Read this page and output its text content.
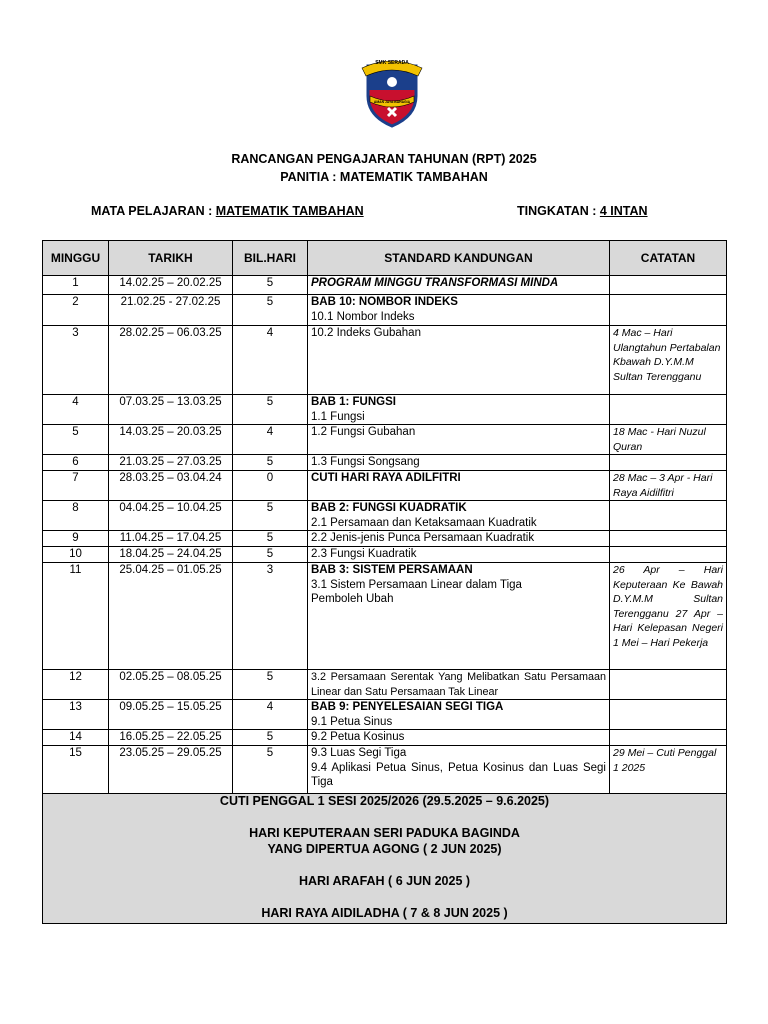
SMK SERADA
AMAN JAYA BAHAGIA
RANCANGAN PENGAJARAN TAHUNAN (RPT) 2025
PANITIA : MATEMATIK TAMBAHAN
MATA PELAJARAN : MATEMATIK TAMBAHAN	TINGKATAN : 4 INTAN
MINGGU	TARIKH	BIL.HARI	STANDARD KANDUNGAN	CATATAN
1	14.02.25 – 20.02.25	5	PROGRAM MINGGU TRANSFORMASI MINDA	

2	21.02.25 - 27.02.25	5	BAB 10: NOMBOR INDEKS
10.1 Nombor Indeks	

3	28.02.25 – 06.03.25	4	10.2 Indeks Gubahan	4 Mac – Hari Ulangtahun Pertabalan Kbawah D.Y.M.M Sultan Terengganu
4	07.03.25 – 13.03.25	5	BAB 1: FUNGSI
1.1 Fungsi	

5	14.03.25 – 20.03.25	4	1.2 Fungsi Gubahan	18 Mac - Hari Nuzul Quran
6	21.03.25 – 27.03.25	5	1.3 Fungsi Songsang	

7	28.03.25 – 03.04.24	0	CUTI HARI RAYA ADILFITRI	28 Mac – 3 Apr - Hari Raya Aidilfitri
8	04.04.25 – 10.04.25	5	BAB 2: FUNGSI KUADRATIK
2.1 Persamaan dan Ketaksamaan Kuadratik	

9	11.04.25 – 17.04.25	5	2.2 Jenis-jenis Punca Persamaan Kuadratik	

10	18.04.25 – 24.04.25	5	2.3 Fungsi Kuadratik	

11	25.04.25 – 01.05.25	3	BAB 3: SISTEM PERSAMAAN
3.1 Sistem Persamaan Linear dalam Tiga Pemboleh Ubah	26 Apr – Hari Keputeraan Ke Bawah D.Y.M.M Sultan Terengganu 27 Apr – Hari Kelepasan Negeri 1 Mei – Hari Pekerja
12	02.05.25 – 08.05.25	5	3.2 Persamaan Serentak Yang Melibatkan Satu Persamaan Linear dan Satu Persamaan Tak Linear	

13	09.05.25 – 15.05.25	4	BAB 9: PENYELESAIAN SEGI TIGA
9.1 Petua Sinus	

14	16.05.25 – 22.05.25	5	9.2 Petua Kosinus	

15	23.05.25 – 29.05.25	5	9.3 Luas Segi Tiga
9.4 Aplikasi Petua Sinus, Petua Kosinus dan Luas Segi Tiga	29 Mei – Cuti Penggal 1 2025

CUTI PENGGAL 1 SESI 2025/2026 (29.5.2025 – 9.6.2025)
HARI KEPUTERAAN SERI PADUKA BAGINDA
YANG DIPERTUA AGONG ( 2 JUN 2025)
HARI ARAFAH ( 6 JUN 2025 )
HARI RAYA AIDILADHA ( 7 & 8 JUN 2025 )				
